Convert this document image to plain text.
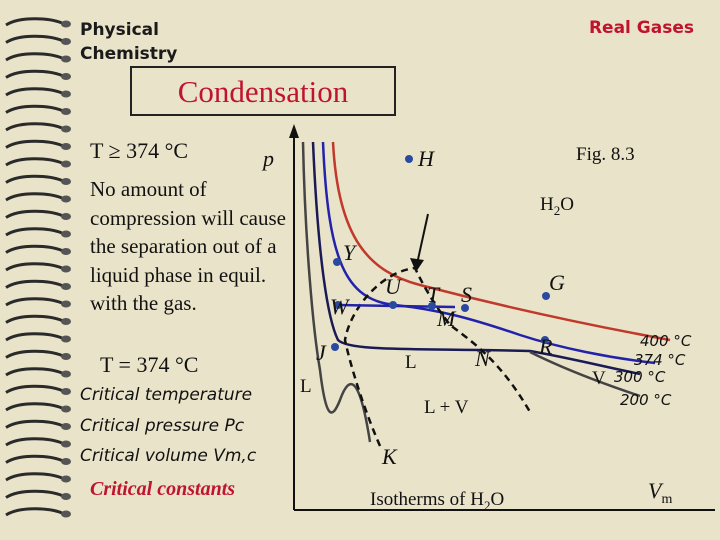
Physical
Chemistry
Real Gases
Condensation
T ≥ 374 °C
No amount of compression will cause the separation out of a liquid phase in equil. with the gas.
T = 374 °C
Critical temperature
Critical pressure Pc
Critical volume Vm,c
Critical constants
p	H
Y
U T S	G
W	M
J	L	N R
K
V
L
L + V
$H_2O$
Fig. 8.3
400 °C
374 °C
300 °C
200 °C
Isotherms of $H_2O$	$V_m$
